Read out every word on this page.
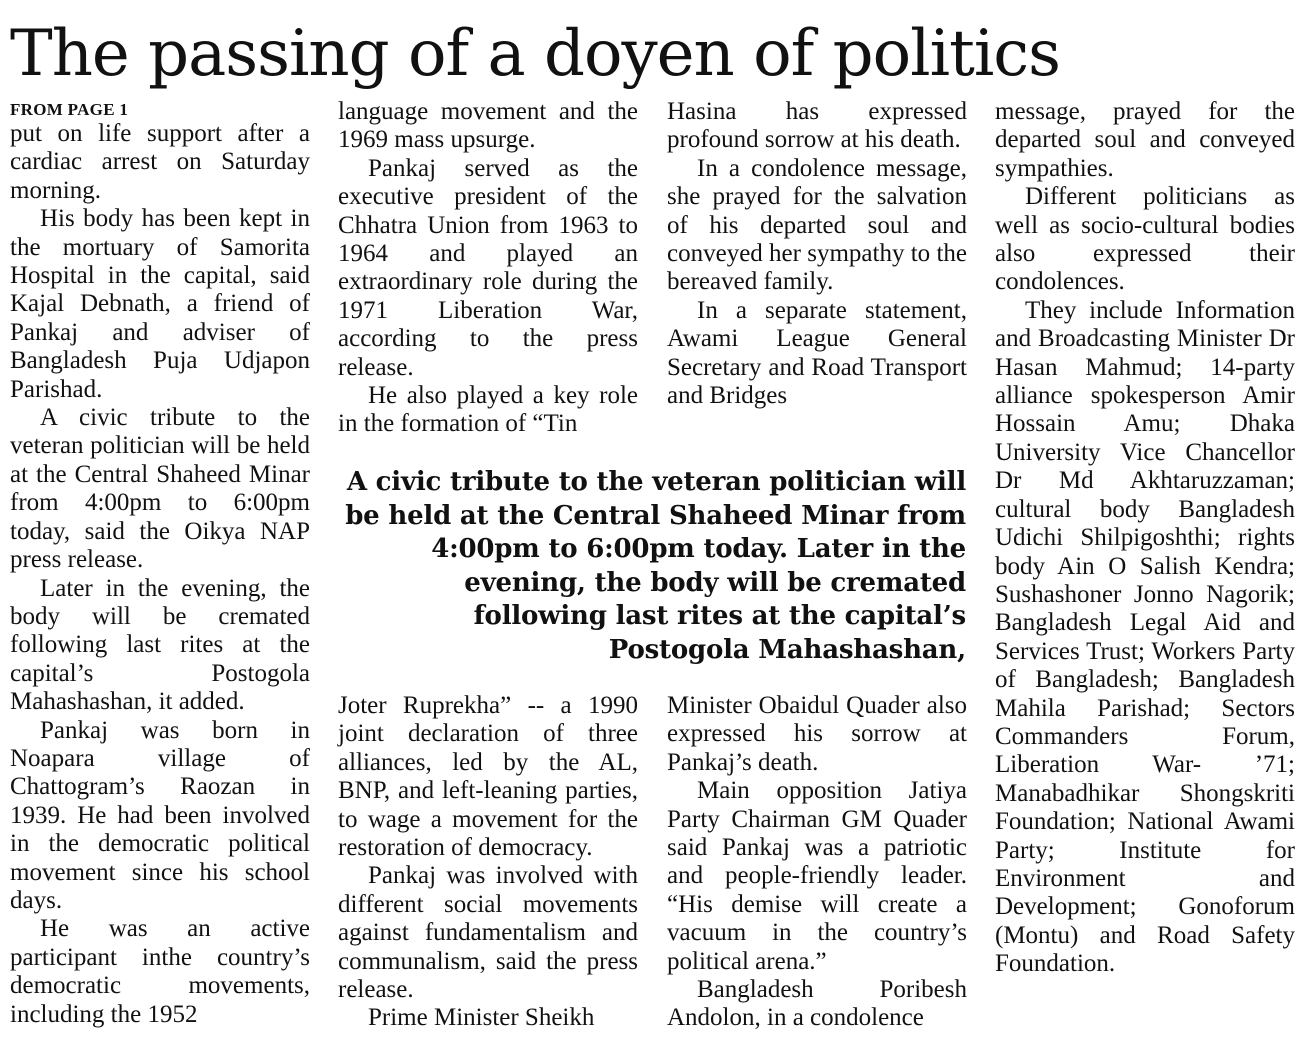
The passing of a doyen of politics
FROM PAGE 1

put on life support after a cardiac arrest on Saturday morning.

His body has been kept in the mortuary of Samorita Hospital in the capital, said Kajal Debnath, a friend of Pankaj and adviser of Bangladesh Puja Udjapon Parishad.

A civic tribute to the veteran politician will be held at the Central Shaheed Minar from 4:00pm to 6:00pm today, said the Oikya NAP press release.

Later in the evening, the body will be cremated following last rites at the capital’s Postogola Mahashashan, it added.

Pankaj was born in Noapara village of Chattogram’s Raozan in 1939. He had been involved in the democratic political movement since his school days.

He was an active participant inthe country’s democratic movements, including the 1952

language movement and the 1969 mass upsurge.

Pankaj served as the executive president of the Chhatra Union from 1963 to 1964 and played an extraordinary role during the 1971 Liberation War, according to the press release.

He also played a key role in the formation of “Tin

Hasina has expressed profound sorrow at his death.

In a condolence message, she prayed for the salvation of his departed soul and conveyed her sympathy to the bereaved family.

In a separate statement, Awami League General Secretary and Road Transport and Bridges

A civic tribute to the veteran politician will be held at the Central Shaheed Minar from 4:00pm to 6:00pm today. Later in the evening, the body will be cremated following last rites at the capital’s Postogola Mahashashan,

Joter Ruprekha” -- a 1990 joint declaration of three alliances, led by the AL, BNP, and left-leaning parties, to wage a movement for the restoration of democracy.

Pankaj was involved with different social movements against fundamentalism and communalism, said the press release.

Prime Minister Sheikh

Minister Obaidul Quader also expressed his sorrow at Pankaj’s death.

Main opposition Jatiya Party Chairman GM Quader said Pankaj was a patriotic and people-friendly leader. “His demise will create a vacuum in the country’s political arena.”

Bangladesh Poribesh Andolon, in a condolence

message, prayed for the departed soul and conveyed sympathies.

Different politicians as well as socio-cultural bodies also expressed their condolences.

They include Information and Broadcasting Minister Dr Hasan Mahmud; 14-party alliance spokesperson Amir Hossain Amu; Dhaka University Vice Chancellor Dr Md Akhtaruzzaman; cultural body Bangladesh Udichi Shilpigoshthi; rights body Ain O Salish Kendra; Sushashoner Jonno Nagorik; Bangladesh Legal Aid and Services Trust; Workers Party of Bangladesh; Bangladesh Mahila Parishad; Sectors Commanders Forum, Liberation War- ’71; Manabadhikar Shongskriti Foundation; National Awami Party; Institute for Environment and Development; Gonoforum (Montu) and Road Safety Foundation.
